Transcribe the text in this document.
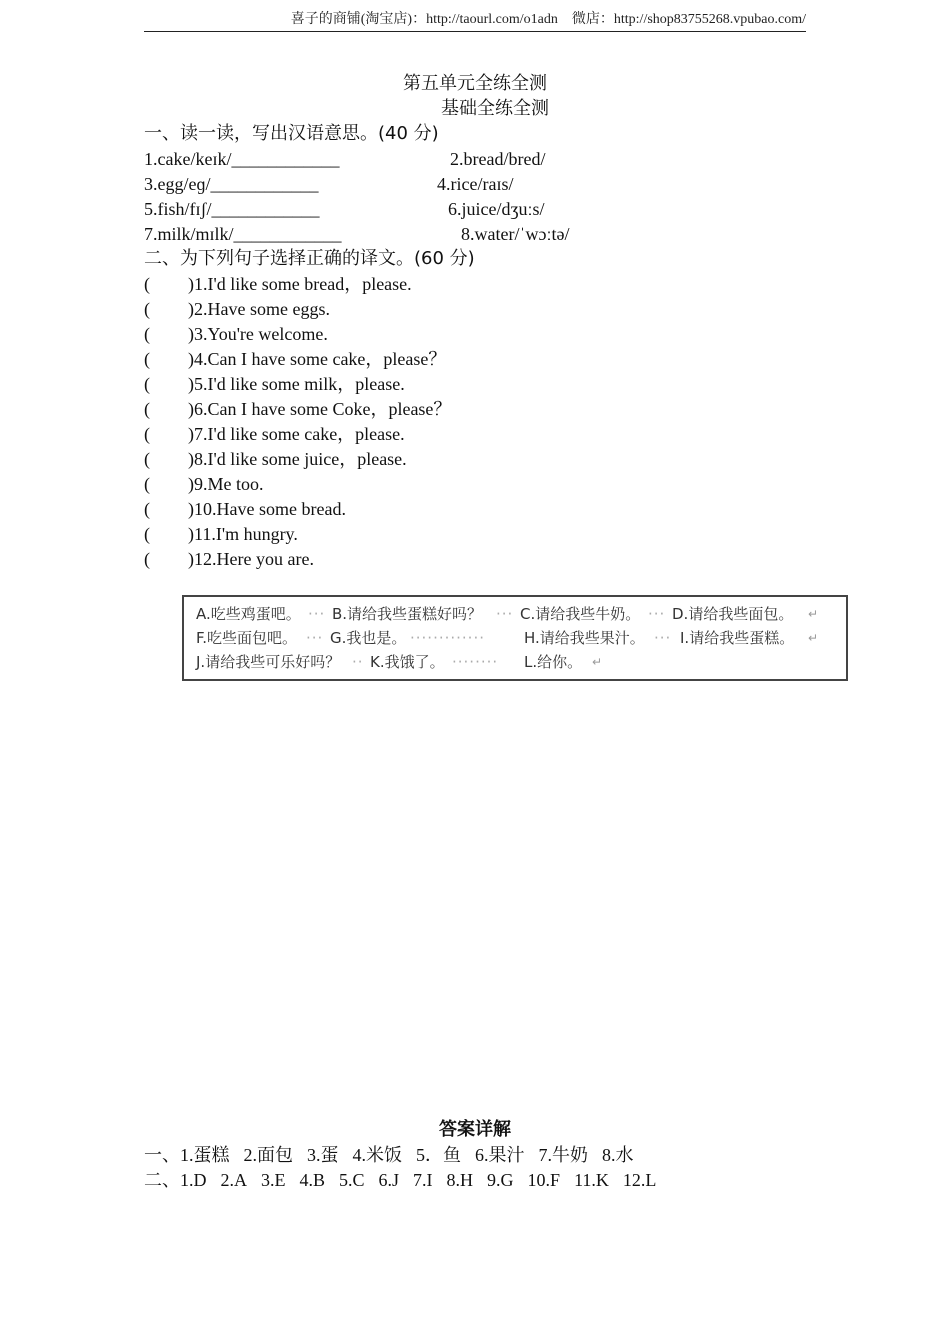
喜子的商铺(淘宝店)：http://taourl.com/o1adn 微店：http://shop83755268.vpubao.com/
第五单元全练全测
基础全练全测
一、读一读，写出汉语意思。(40 分)
1.cake/keɪk/____________	2.bread/bred/
3.egg/eɡ/____________	4.rice/raɪs/
5.fish/fɪʃ/____________	6.juice/dʒuːs/
7.milk/mɪlk/____________	8.water/ˈwɔːtə/
二、为下列句子选择正确的译文。(60 分)
( )1.I'd like some bread，please.
( )2.Have some eggs.
( )3.You're welcome.
( )4.Can I have some cake，please？
( )5.I'd like some milk，please.
( )6.Can I have some Coke，please？
( )7.I'd like some cake，please.
( )8.I'd like some juice，please.
( )9.Me too.
( )10.Have some bread.
( )11.I'm hungry.
( )12.Here you are.
A.吃些鸡蛋吧。 ··· B.请给我些蛋糕好吗？ ··· C.请给我些牛奶。 ··· D.请给我些面包。 ↵
F.吃些面包吧。 ··· G.我也是。 ·············	H.请给我些果汁。 ··· I.请给我些蛋糕。 ↵
J.请给我些可乐好吗？ ·· K.我饿了。 ········ L.给你。 ↵
答案详解
一、1.蛋糕 2.面包 3.蛋 4.米饭 5．鱼 6.果汁 7.牛奶 8.水
二、1.D 2.A 3.E 4.B 5.C 6.J 7.I 8.H 9.G 10.F 11.K 12.L
